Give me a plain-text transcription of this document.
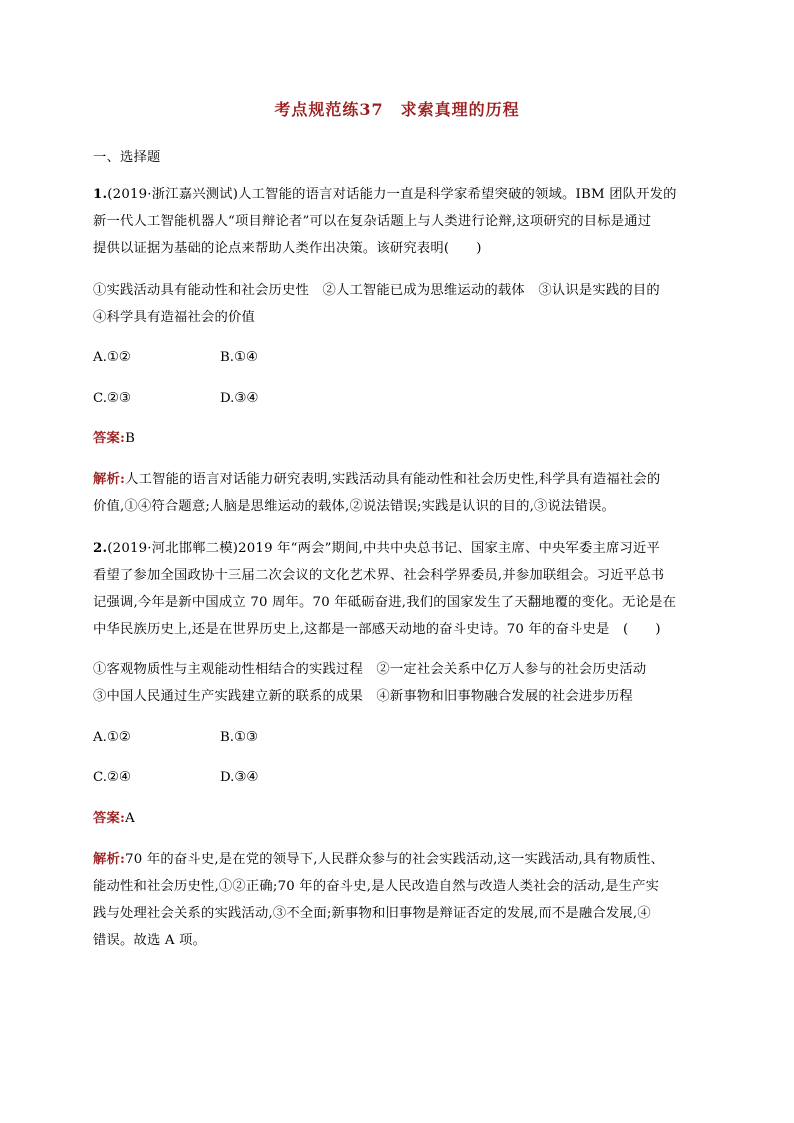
考点规范练37　求索真理的历程
一、选择题
1.(2019·浙江嘉兴测试)人工智能的语言对话能力一直是科学家希望突破的领域。IBM 团队开发的
新一代人工智能机器人“项目辩论者”可以在复杂话题上与人类进行论辩,这项研究的目标是通过
提供以证据为基础的论点来帮助人类作出决策。该研究表明(　　)
①实践活动具有能动性和社会历史性　②人工智能已成为思维运动的载体　③认识是实践的目的
④科学具有造福社会的价值
A.①②	B.①④
C.②③	D.③④
答案:B
解析:人工智能的语言对话能力研究表明,实践活动具有能动性和社会历史性,科学具有造福社会的
价值,①④符合题意;人脑是思维运动的载体,②说法错误;实践是认识的目的,③说法错误。
2.(2019·河北邯郸二模)2019 年“两会”期间,中共中央总书记、国家主席、中央军委主席习近平
看望了参加全国政协十三届二次会议的文化艺术界、社会科学界委员,并参加联组会。习近平总书
记强调,今年是新中国成立 70 周年。70 年砥砺奋进,我们的国家发生了天翻地覆的变化。无论是在
中华民族历史上,还是在世界历史上,这都是一部感天动地的奋斗史诗。70 年的奋斗史是　(　　)
①客观物质性与主观能动性相结合的实践过程　②一定社会关系中亿万人参与的社会历史活动
③中国人民通过生产实践建立新的联系的成果　④新事物和旧事物融合发展的社会进步历程
A.①②	B.①③
C.②④	D.③④
答案:A
解析:70 年的奋斗史,是在党的领导下,人民群众参与的社会实践活动,这一实践活动,具有物质性、
能动性和社会历史性,①②正确;70 年的奋斗史,是人民改造自然与改造人类社会的活动,是生产实
践与处理社会关系的实践活动,③不全面;新事物和旧事物是辩证否定的发展,而不是融合发展,④
错误。故选 A 项。
